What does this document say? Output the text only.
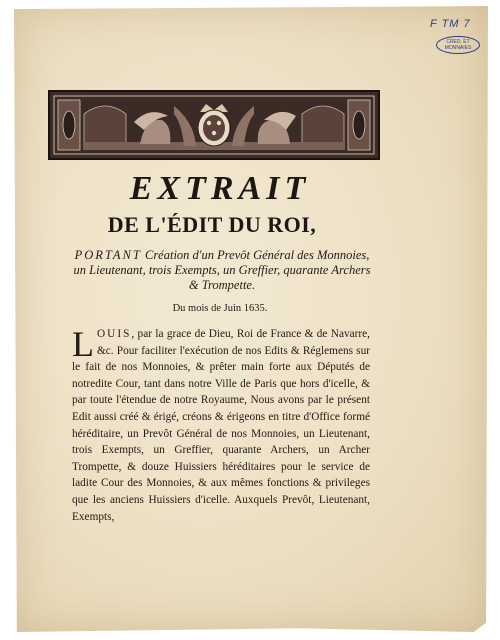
F TM 7
CRED. ET MONNAIES
EXTRAIT
DE L'ÉDIT DU ROI,
PORTANT Création d'un Prevôt Général des Monnoies, un Lieutenant, trois Exempts, un Greffier, quarante Archers & Trompette.
Du mois de Juin 1635.
LOUIS, par la grace de Dieu, Roi de France & de Navarre, &c. Pour faciliter l'exécution de nos Edits & Réglemens sur le fait de nos Monnoies, & prêter main forte aux Députés de notredite Cour, tant dans notre Ville de Paris que hors d'icelle, & par toute l'étendue de notre Royaume, Nous avons par le présent Edit aussi créé & érigé, créons & érigeons en titre d'Office formé héréditaire, un Prevôt Général de nos Monnoies, un Lieutenant, trois Exempts, un Greffier, quarante Archers, un Archer Trompette, & douze Huissiers héréditaires pour le service de ladite Cour des Monnoies, & aux mêmes fonctions & privileges que les anciens Huissiers d'icelle. Auxquels Prevôt, Lieutenant, Exempts,
